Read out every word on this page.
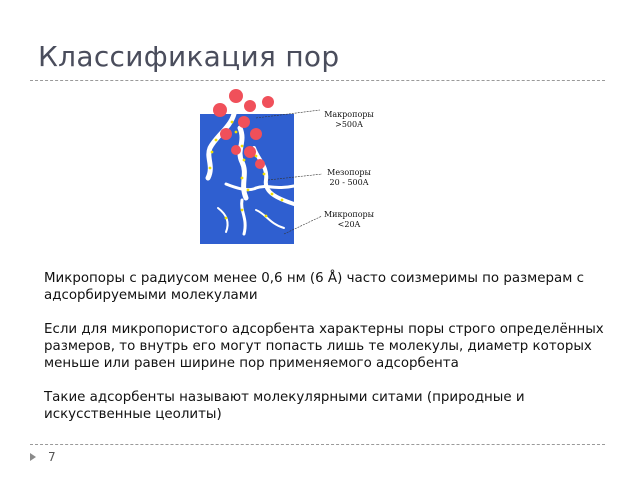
Классификация пор
Макропоры
>500A
Мезопоры
20 - 500A
Микропоры
<20A

Микропоры с радиусом менее 0,6 нм (6 Å) часто соизмеримы по размерам с адсорбируемыми молекулами

Если для микропористого адсорбента характерны поры строго определённых размеров, то внутрь его могут попасть лишь те молекулы, диаметр которых меньше или равен ширине пор применяемого адсорбента

Такие адсорбенты называют молекулярными ситами (природные и искусственные цеолиты)

7
